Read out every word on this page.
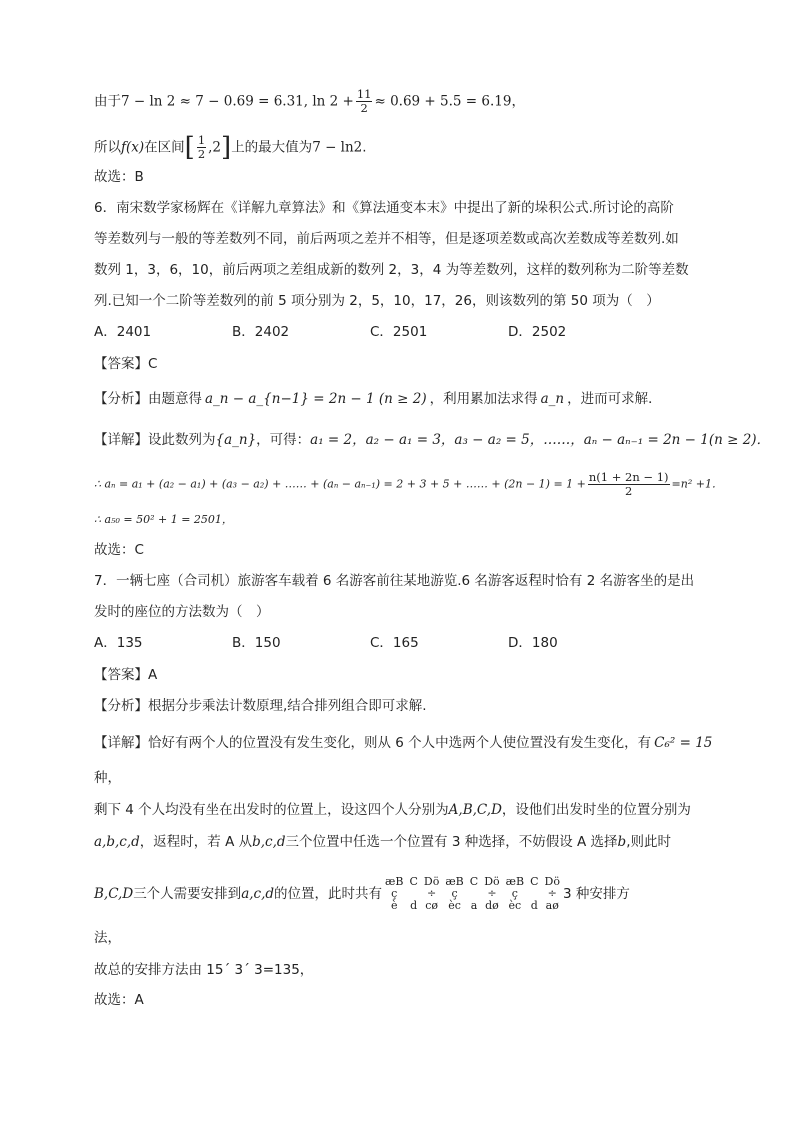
由于7 − ln 2 ≈ 7 − 0.69 = 6.31, $\ln 2 + \frac{11}{2} \approx 0.69 + 5.5 = 6.19$，
所以f(x)在区间[ $\frac{1}{2} ,2$]上的最大值为7 − ln2.
故选：B
6．南宋数学家杨辉在《详解九章算法》和《算法通变本末》中提出了新的垛积公式.所讨论的高阶
等差数列与一般的等差数列不同，前后两项之差并不相等，但是逐项差数或高次差数成等差数列.如
数列 1，3，6，10，前后两项之差组成新的数列 2，3，4 为等差数列，这样的数列称为二阶等差数
列.已知一个二阶等差数列的前 5 项分别为 2，5，10，17，26，则该数列的第 50 项为（　）
A．2401	B．2402	C．2501	D．2502
【答案】C
【分析】由题意得 a_n − a_{n−1} = 2n − 1 (n ≥ 2) ，利用累加法求得 a_n ，进而可求解．
【详解】设此数列为{a_n}，可得：a₁ = 2，a₂ − a₁ = 3，a₃ − a₂ = 5，……，aₙ − aₙ₋₁ = 2n − 1(n ≥ 2)．
∴ aₙ = a₁ + (a₂ − a₁) + (a₃ − a₂) + …… + (aₙ − aₙ₋₁) = 2 + 3 + 5 + …… + $(2n - 1) = 1 + \frac{n(1 + 2n - 1)}{2} =n^2 +1$．
∴ a₅₀ = 50² + 1 = 2501，
故选：C
7．一辆七座（合司机）旅游客车载着 6 名游客前往某地游览.6 名游客返程时恰有 2 名游客坐的是出
发时的座位的方法数为（　）
A．135	B．150	C．165	D．180
【答案】A
【分析】根据分步乘法计数原理,结合排列组合即可求解.
【详解】恰好有两个人的位置没有发生变化，则从 6 个人中选两个人使位置没有发生变化，有 C₆² = 15
种，
剩下 4 个人均没有坐在出发时的位置上，设这四个人分别为A,B,C,D，设他们出发时坐的位置分别为
a,b,c,d，返程时，若 A 从b,c,d三个位置中任选一个位置有 3 种选择，不妨假设 A 选择b,则此时
B,C,D三个人需要安排到a,c,d的位置，此时共有
æB
ç
è
C

d
Dö
÷
cø
æB
ç
èc
C

a
Dö
÷
dø
æB
ç
èc
C

d
Dö
÷
aø
3 种安排方
法，
故总的安排方法由 15´ 3´ 3=135，
故选：A
